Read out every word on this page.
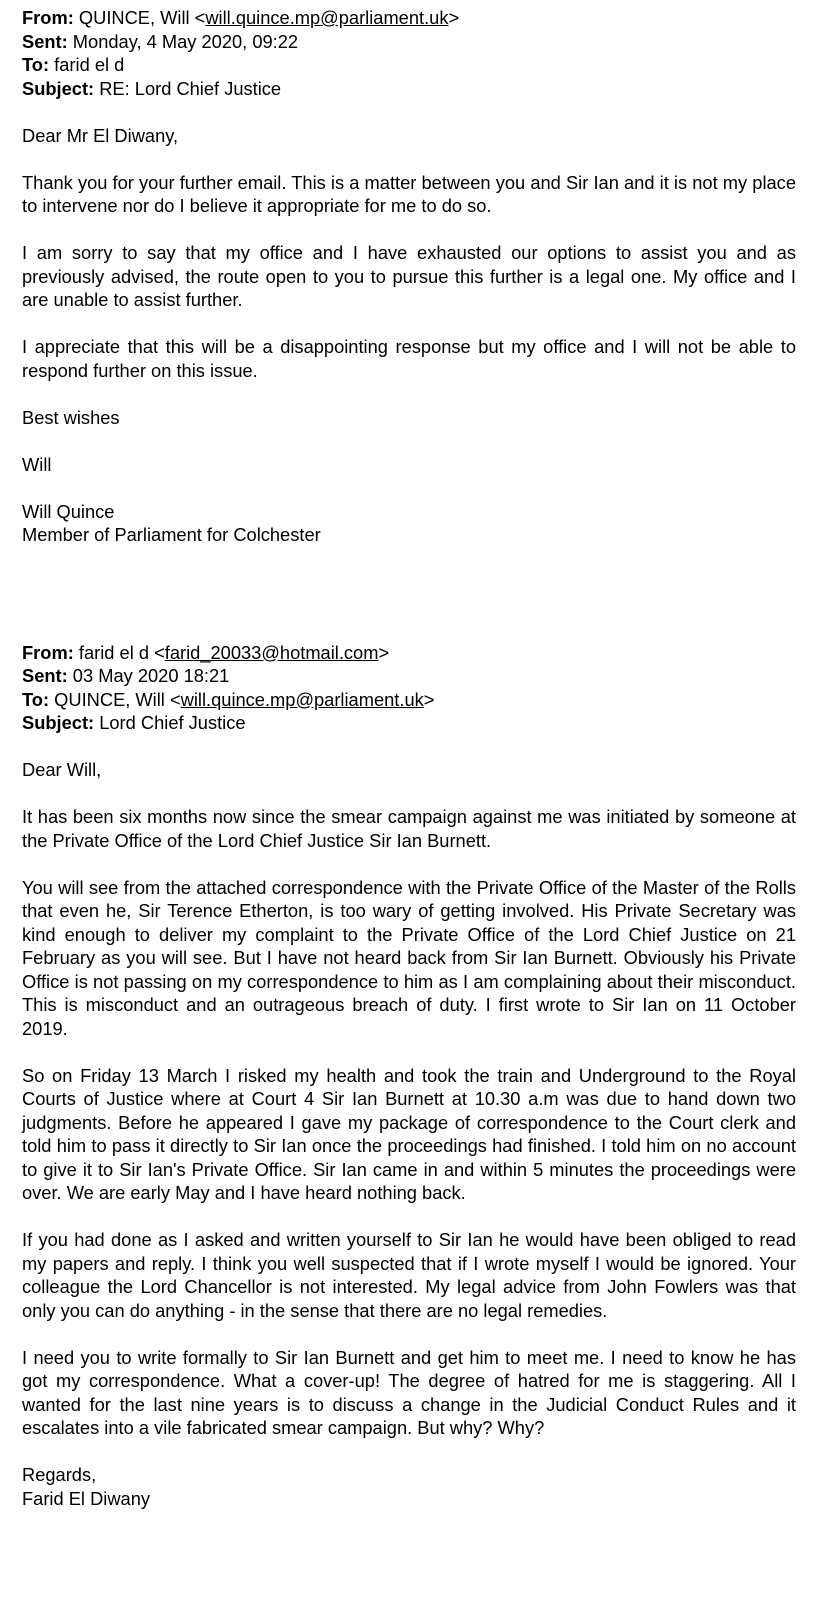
From: QUINCE, Will <will.quince.mp@parliament.uk>
Sent: Monday, 4 May 2020, 09:22
To: farid el d
Subject: RE: Lord Chief Justice

Dear Mr El Diwany,

Thank you for your further email. This is a matter between you and Sir Ian and it is not my place to intervene nor do I believe it appropriate for me to do so.

I am sorry to say that my office and I have exhausted our options to assist you and as previously advised, the route open to you to pursue this further is a legal one. My office and I are unable to assist further.

I appreciate that this will be a disappointing response but my office and I will not be able to respond further on this issue.

Best wishes

Will

Will Quince
Member of Parliament for Colchester
From: farid el d <farid_20033@hotmail.com>
Sent: 03 May 2020 18:21
To: QUINCE, Will <will.quince.mp@parliament.uk>
Subject: Lord Chief Justice

Dear Will,

It has been six months now since the smear campaign against me was initiated by someone at the Private Office of the Lord Chief Justice Sir Ian Burnett.

You will see from the attached correspondence with the Private Office of the Master of the Rolls that even he, Sir Terence Etherton, is too wary of getting involved. His Private Secretary was kind enough to deliver my complaint to the Private Office of the Lord Chief Justice on 21 February as you will see. But I have not heard back from Sir Ian Burnett. Obviously his Private Office is not passing on my correspondence to him as I am complaining about their misconduct. This is misconduct and an outrageous breach of duty. I first wrote to Sir Ian on 11 October 2019.

So on Friday 13 March I risked my health and took the train and Underground to the Royal Courts of Justice where at Court 4 Sir Ian Burnett at 10.30 a.m was due to hand down two judgments. Before he appeared I gave my package of correspondence to the Court clerk and told him to pass it directly to Sir Ian once the proceedings had finished. I told him on no account to give it to Sir Ian's Private Office. Sir Ian came in and within 5 minutes the proceedings were over. We are early May and I have heard nothing back.

If you had done as I asked and written yourself to Sir Ian he would have been obliged to read my papers and reply. I think you well suspected that if I wrote myself I would be ignored. Your colleague the Lord Chancellor is not interested. My legal advice from John Fowlers was that only you can do anything - in the sense that there are no legal remedies.

I need you to write formally to Sir Ian Burnett and get him to meet me. I need to know he has got my correspondence. What a cover-up! The degree of hatred for me is staggering. All I wanted for the last nine years is to discuss a change in the Judicial Conduct Rules and it escalates into a vile fabricated smear campaign. But why? Why?

Regards,
Farid El Diwany
